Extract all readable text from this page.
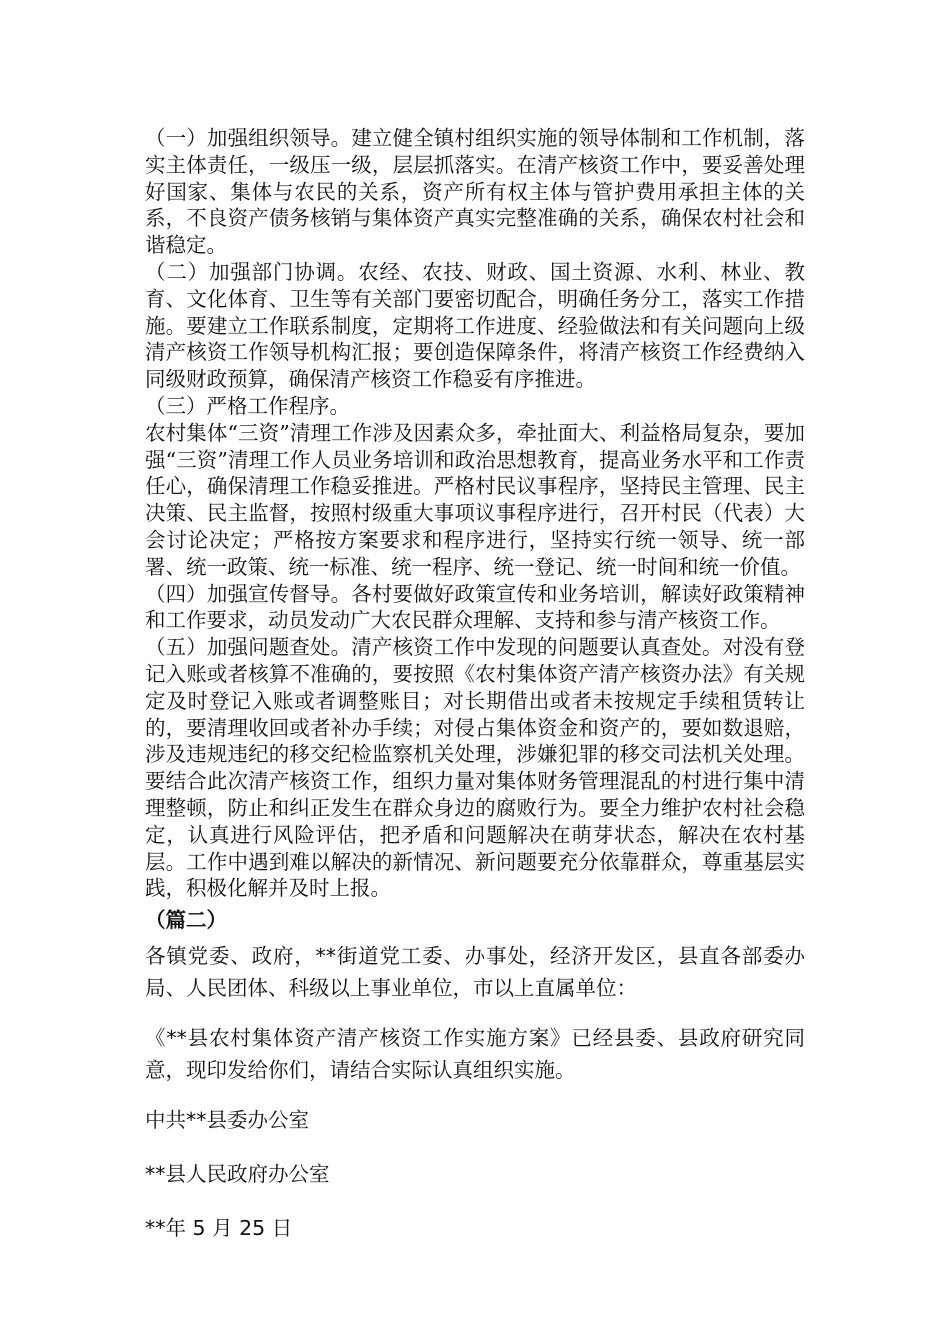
（一）加强组织领导。建立健全镇村组织实施的领导体制和工作机制，落实主体责任，一级压一级，层层抓落实。在清产核资工作中，要妥善处理好国家、集体与农民的关系，资产所有权主体与管护费用承担主体的关系，不良资产债务核销与集体资产真实完整准确的关系，确保农村社会和谐稳定。

（二）加强部门协调。农经、农技、财政、国土资源、水利、林业、教育、文化体育、卫生等有关部门要密切配合，明确任务分工，落实工作措施。要建立工作联系制度，定期将工作进度、经验做法和有关问题向上级清产核资工作领导机构汇报；要创造保障条件，将清产核资工作经费纳入同级财政预算，确保清产核资工作稳妥有序推进。

（三）严格工作程序。

农村集体“三资”清理工作涉及因素众多，牵扯面大、利益格局复杂，要加强“三资”清理工作人员业务培训和政治思想教育，提高业务水平和工作责任心，确保清理工作稳妥推进。严格村民议事程序，坚持民主管理、民主决策、民主监督，按照村级重大事项议事程序进行，召开村民（代表）大会讨论决定；严格按方案要求和程序进行，坚持实行统一领导、统一部署、统一政策、统一标准、统一程序、统一登记、统一时间和统一价值。

（四）加强宣传督导。各村要做好政策宣传和业务培训，解读好政策精神和工作要求，动员发动广大农民群众理解、支持和参与清产核资工作。

（五）加强问题查处。清产核资工作中发现的问题要认真查处。对没有登记入账或者核算不准确的，要按照《农村集体资产清产核资办法》有关规定及时登记入账或者调整账目；对长期借出或者未按规定手续租赁转让的，要清理收回或者补办手续；对侵占集体资金和资产的，要如数退赔，涉及违规违纪的移交纪检监察机关处理，涉嫌犯罪的移交司法机关处理。要结合此次清产核资工作，组织力量对集体财务管理混乱的村进行集中清理整顿，防止和纠正发生在群众身边的腐败行为。要全力维护农村社会稳定，认真进行风险评估，把矛盾和问题解决在萌芽状态，解决在农村基层。工作中遇到难以解决的新情况、新问题要充分依靠群众，尊重基层实践，积极化解并及时上报。

（篇二）

各镇党委、政府，**街道党工委、办事处，经济开发区，县直各部委办局、人民团体、科级以上事业单位，市以上直属单位：

《**县农村集体资产清产核资工作实施方案》已经县委、县政府研究同意，现印发给你们，请结合实际认真组织实施。

中共**县委办公室

**县人民政府办公室

**年 5 月 25 日
